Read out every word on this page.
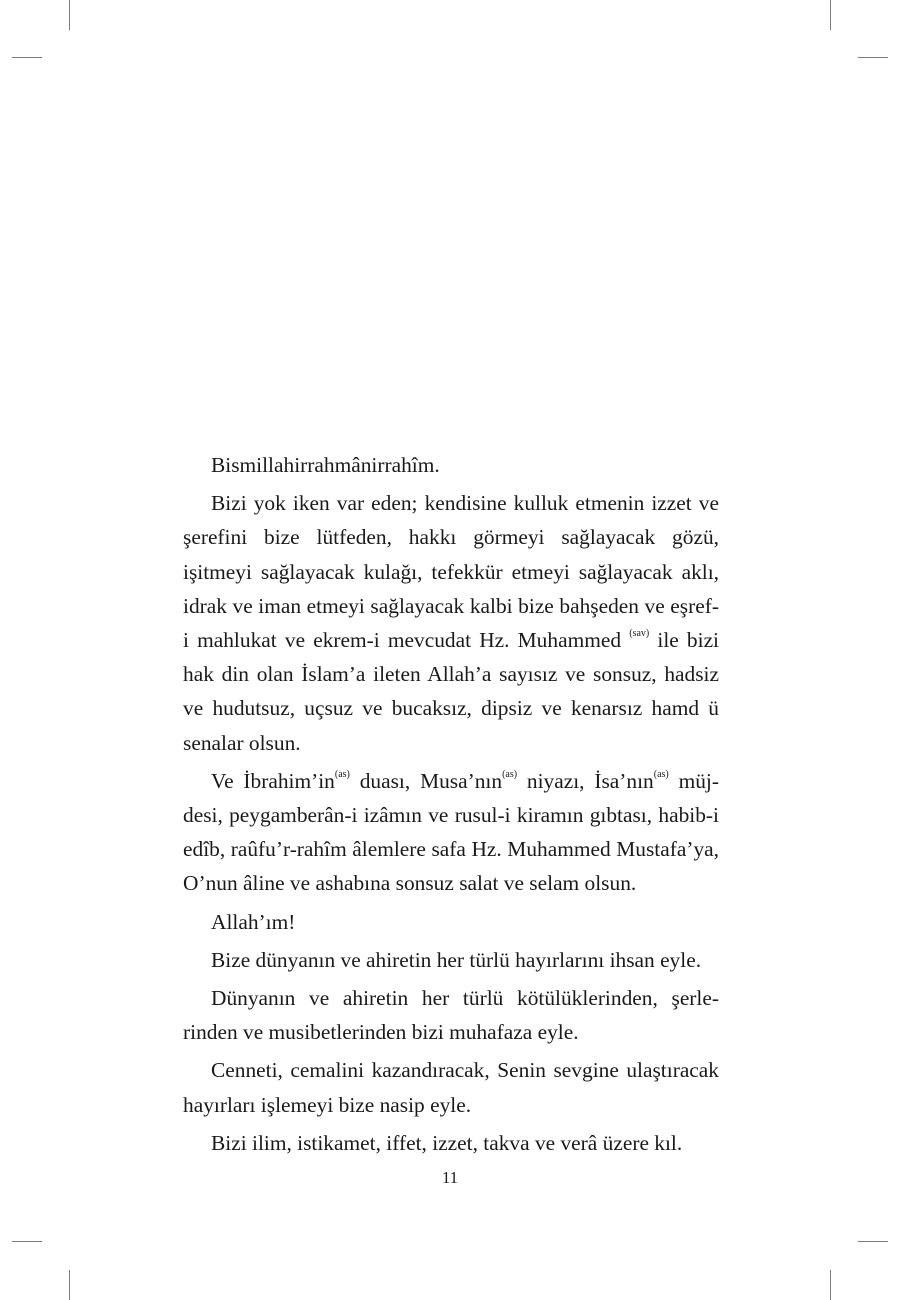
Bismillahirrahmânirrahîm.

Bizi yok iken var eden; kendisine kulluk etmenin izzet ve şerefini bize lütfeden, hakkı görmeyi sağlayacak gözü, işitmeyi sağlayacak kulağı, tefekkür etmeyi sağlayacak aklı, idrak ve iman etmeyi sağlayacak kalbi bize bahşeden ve eşref-i mahlukat ve ekrem-i mevcudat Hz. Muhammed $^{(sav)}$ ile bizi hak din olan İslam’a ileten Allah’a sayısız ve sonsuz, hadsiz ve hudutsuz, uçsuz ve bucaksız, dipsiz ve kenarsız hamd ü senalar olsun.

Ve $İbrahim’in^{(as)}$ duası, Musa’nın$^{(as)}$ niyazı, İsa’nın$^{(as)}$ müj-desi, peygamberân-i izâmın ve rusul-i kiramın gıbtası, habib-i edîb, raûfu’r-rahîm âlemlere safa Hz. Muhammed Mustafa’ya, O’nun âline ve ashabına sonsuz salat ve selam olsun.

Allah’ım!

Bize dünyanın ve ahiretin her türlü hayırlarını ihsan eyle.

Dünyanın ve ahiretin her türlü kötülüklerinden, şerle-rinden ve musibetlerinden bizi muhafaza eyle.

Cenneti, cemalini kazandıracak, Senin sevgine ulaştıracak hayırları işlemeyi bize nasip eyle.

Bizi ilim, istikamet, iffet, izzet, takva ve verâ üzere kıl.

11
